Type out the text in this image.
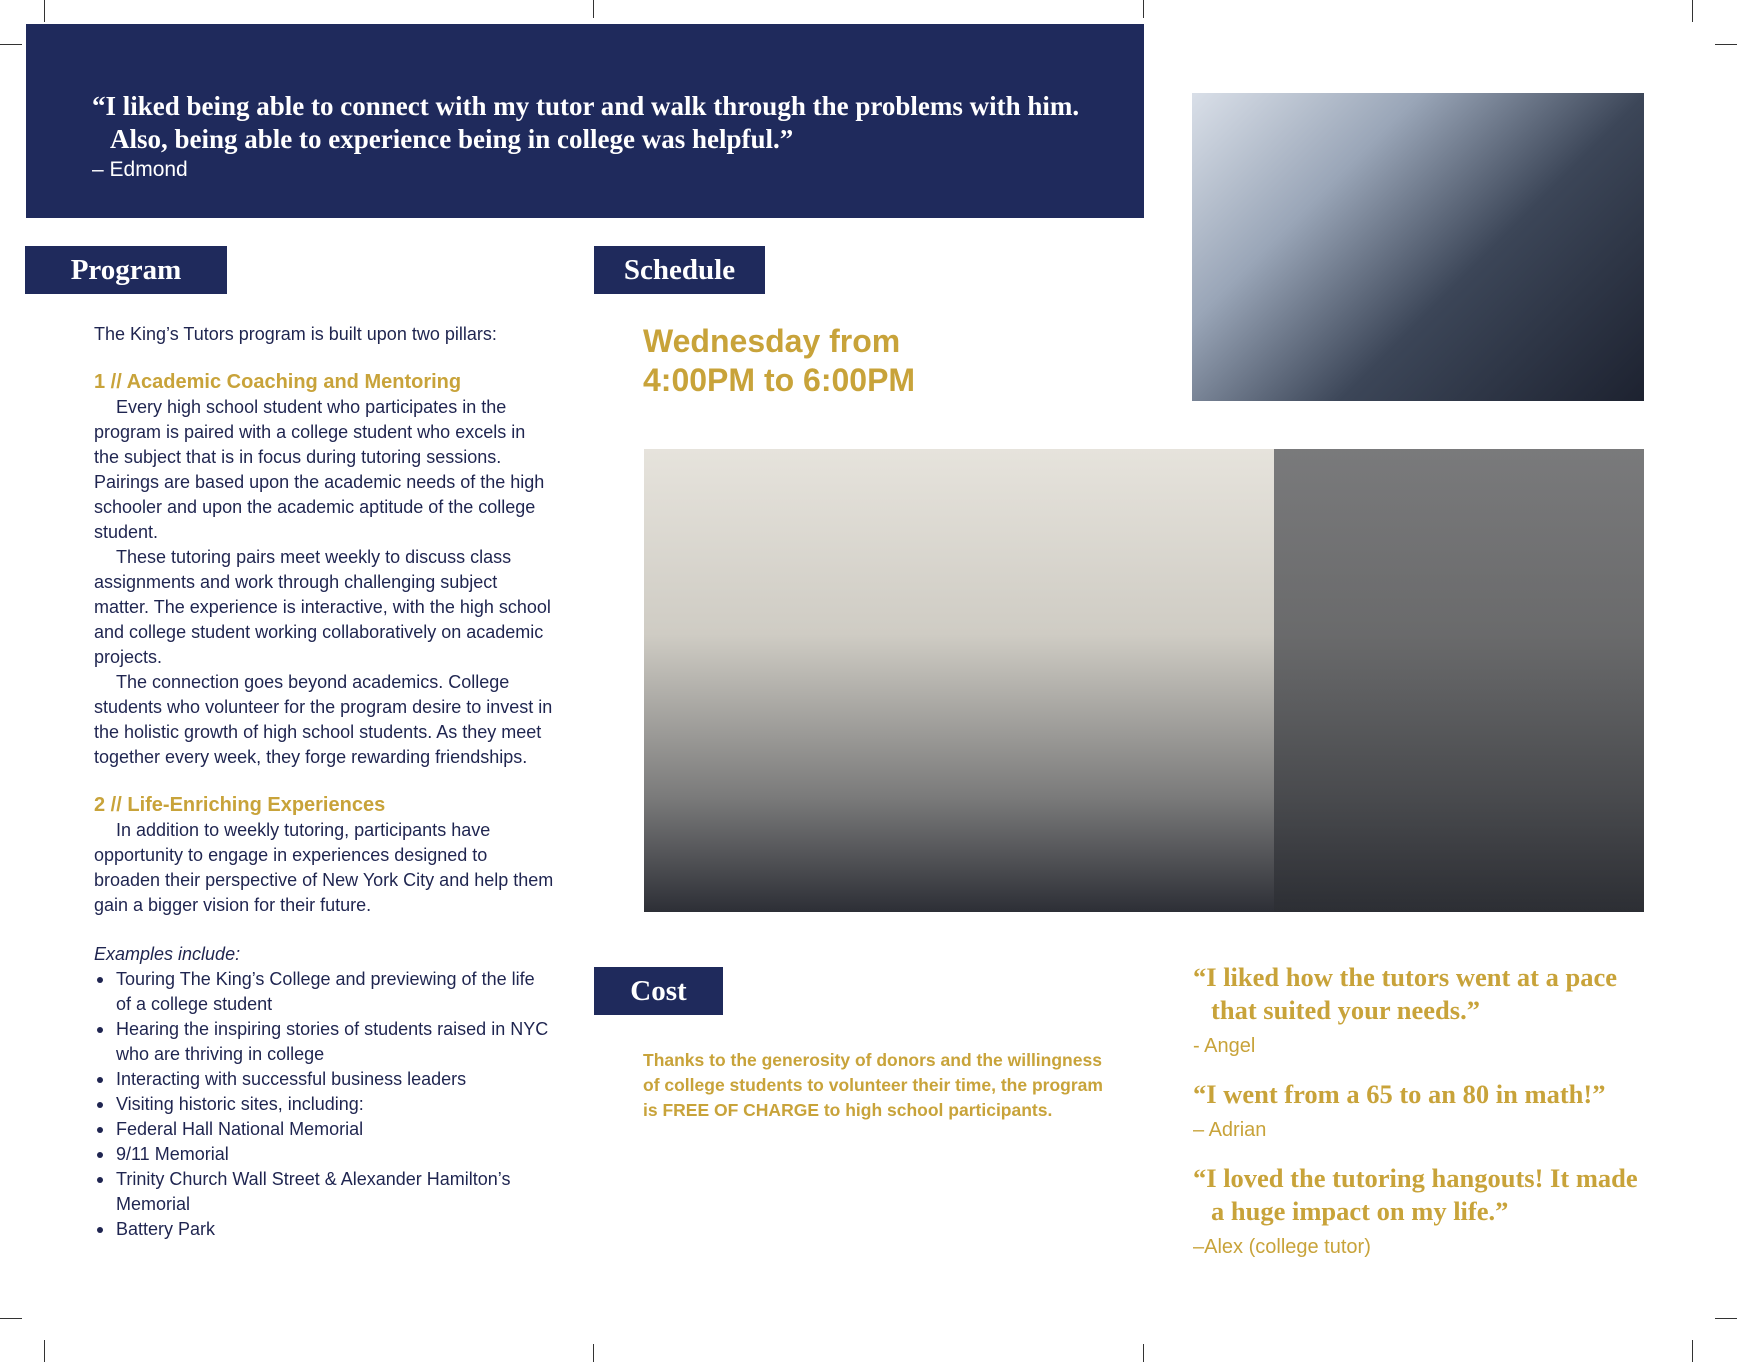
“I liked being able to connect with my tutor and walk through the problems with him. Also, being able to experience being in college was helpful.”
– Edmond
Program	Schedule
Cost

The King’s Tutors program is built upon two pillars:

1 // Academic Coaching and Mentoring

Every high school student who participates in the program is paired with a college student who excels in the subject that is in focus during tutoring sessions. Pairings are based upon the academic needs of the high schooler and upon the academic aptitude of the college student.

These tutoring pairs meet weekly to discuss class assignments and work through challenging subject matter. The experience is interactive, with the high school and college student working collaboratively on academic projects.

The connection goes beyond academics. College students who volunteer for the program desire to invest in the holistic growth of high school students. As they meet together every week, they forge rewarding friendships.

2 // Life-Enriching Experiences

In addition to weekly tutoring, participants have opportunity to engage in experiences designed to broaden their perspective of New York City and help them gain a bigger vision for their future.

Examples include:

Touring The King’s College and previewing of the life of a college student
Hearing the inspiring stories of students raised in NYC who are thriving in college
Interacting with successful business leaders
Visiting historic sites, including:
Federal Hall National Memorial
9/11 Memorial
Trinity Church Wall Street & Alexander Hamilton’s Memorial
Battery Park
Wednesday from
4:00PM to 6:00PM
Thanks to the generosity of donors and the willingness of college students to volunteer their time, the program is FREE OF CHARGE to high school participants.
“I liked how the tutors went at a pace that suited your needs.”
- Angel
“I went from a 65 to an 80 in math!”
– Adrian
“I loved the tutoring hangouts! It made a huge impact on my life.”
–Alex (college tutor)
